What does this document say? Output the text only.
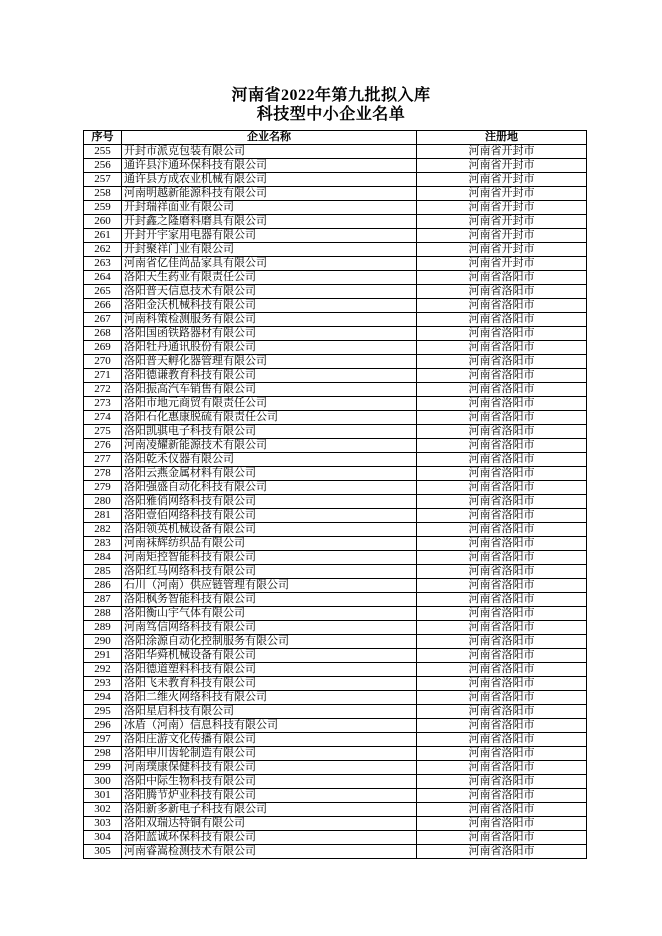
河南省2022年第九批拟入库
科技型中小企业名单
序号	企业名称	注册地
255	开封市派克包装有限公司	河南省开封市
256	通许县汴通环保科技有限公司	河南省开封市
257	通许县方成农业机械有限公司	河南省开封市
258	河南明越新能源科技有限公司	河南省开封市
259	开封瑞祥面业有限公司	河南省开封市
260	开封鑫之隆磨料磨具有限公司	河南省开封市
261	开封开宇家用电器有限公司	河南省开封市
262	开封聚祥门业有限公司	河南省开封市
263	河南省亿佳尚品家具有限公司	河南省开封市
264	洛阳天生药业有限责任公司	河南省洛阳市
265	洛阳普天信息技术有限公司	河南省洛阳市
266	洛阳金沃机械科技有限公司	河南省洛阳市
267	河南科策检测服务有限公司	河南省洛阳市
268	洛阳国函铁路器材有限公司	河南省洛阳市
269	洛阳牡丹通讯股份有限公司	河南省洛阳市
270	洛阳普天孵化器管理有限公司	河南省洛阳市
271	洛阳德谦教育科技有限公司	河南省洛阳市
272	洛阳振高汽车销售有限公司	河南省洛阳市
273	洛阳市地元商贸有限责任公司	河南省洛阳市
274	洛阳石化惠康脱硫有限责任公司	河南省洛阳市
275	洛阳凯骐电子科技有限公司	河南省洛阳市
276	河南凌耀新能源技术有限公司	河南省洛阳市
277	洛阳乾禾仪器有限公司	河南省洛阳市
278	洛阳云燕金属材料有限公司	河南省洛阳市
279	洛阳强盛自动化科技有限公司	河南省洛阳市
280	洛阳雅俏网络科技有限公司	河南省洛阳市
281	洛阳壹佰网络科技有限公司	河南省洛阳市
282	洛阳领英机械设备有限公司	河南省洛阳市
283	河南袜辉纺织品有限公司	河南省洛阳市
284	河南矩控智能科技有限公司	河南省洛阳市
285	洛阳红马网络科技有限公司	河南省洛阳市
286	石川（河南）供应链管理有限公司	河南省洛阳市
287	洛阳枫务智能科技有限公司	河南省洛阳市
288	洛阳衡山宇气体有限公司	河南省洛阳市
289	河南笃信网络科技有限公司	河南省洛阳市
290	洛阳涂源自动化控制服务有限公司	河南省洛阳市
291	洛阳华舜机械设备有限公司	河南省洛阳市
292	洛阳德道塑料科技有限公司	河南省洛阳市
293	洛阳飞未教育科技有限公司	河南省洛阳市
294	洛阳二维火网络科技有限公司	河南省洛阳市
295	洛阳星启科技有限公司	河南省洛阳市
296	冰盾（河南）信息科技有限公司	河南省洛阳市
297	洛阳庄游文化传播有限公司	河南省洛阳市
298	洛阳申川齿轮制造有限公司	河南省洛阳市
299	河南璞康保健科技有限公司	河南省洛阳市
300	洛阳中际生物科技有限公司	河南省洛阳市
301	洛阳腾节炉业科技有限公司	河南省洛阳市
302	洛阳新多新电子科技有限公司	河南省洛阳市
303	洛阳双瑞达特铜有限公司	河南省洛阳市
304	洛阳蓝诚环保科技有限公司	河南省洛阳市
305	河南睿嵩检测技术有限公司	河南省洛阳市
